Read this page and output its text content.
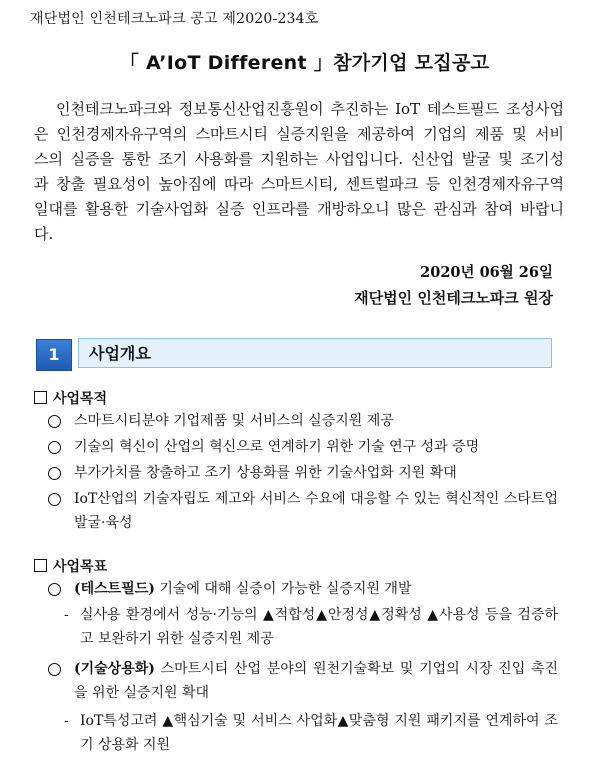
재단법인 인천테크노파크 공고 제2020-234호
「 A’IoT Different 」참가기업 모집공고
인천테크노파크와 정보통신산업진흥원이 추진하는 IoT 테스트필드 조성사업은 인천경제자유구역의 스마트시티 실증지원을 제공하여 기업의 제품 및 서비스의 실증을 통한 조기 사용화를 지원하는 사업입니다. 신산업 발굴 및 조기성과 창출 필요성이 높아짐에 따라 스마트시티, 센트럴파크 등 인천경제자유구역 일대를 활용한 기술사업화 실증 인프라를 개방하오니 많은 관심과 참여 바랍니다.
2020년 06월 26일
재단법인 인천테크노파크 원장
1	사업개요
사업목적
스마트시티분야 기업제품 및 서비스의 실증지원 제공
기술의 혁신이 산업의 혁신으로 연계하기 위한 기술 연구 성과 증명
부가가치를 창출하고 조기 상용화를 위한 기술사업화 지원 확대
IoT산업의 기술자립도 제고와 서비스 수요에 대응할 수 있는 혁신적인 스타트업 발굴·육성
사업목표
(테스트필드) 기술에 대해 실증이 가능한 실증지원 개발
- 실사용 환경에서 성능·기능의 ▲적합성▲안정성▲정확성 ▲사용성 등을 검증하고 보완하기 위한 실증지원 제공
(기술상용화) 스마트시티 산업 분야의 원천기술확보 및 기업의 시장 진입 촉진을 위한 실증지원 확대
- IoT특성고려 ▲핵심기술 및 서비스 사업화▲맞춤형 지원 패키지를 연계하여 조기 상용화 지원
